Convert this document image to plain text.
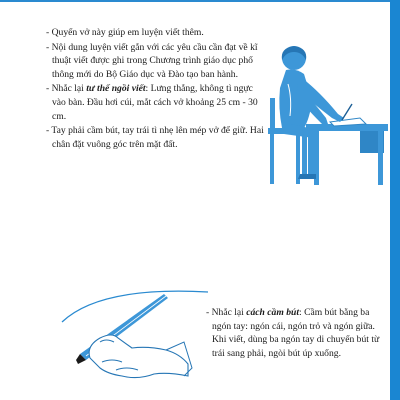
- Quyển vở này giúp em luyện viết thêm.

- Nội dung luyện viết gắn với các yêu cầu cần đạt về kĩ thuật viết được ghi trong Chương trình giáo dục phổ thông mới do Bộ Giáo dục và Đào tạo ban hành.

- Nhắc lại tư thế ngồi viết: Lưng thẳng, không tì ngực vào bàn. Đầu hơi cúi, mắt cách vở khoảng 25 cm - 30 cm.

- Tay phải cầm bút, tay trái tì nhẹ lên mép vở để giữ. Hai chân đặt vuông góc trên mặt đất.

- Nhắc lại cách cầm bút: Cầm bút bằng ba ngón tay: ngón cái, ngón trỏ và ngón giữa. Khi viết, dùng ba ngón tay di chuyển bút từ trái sang phải, ngòi bút úp xuống.
